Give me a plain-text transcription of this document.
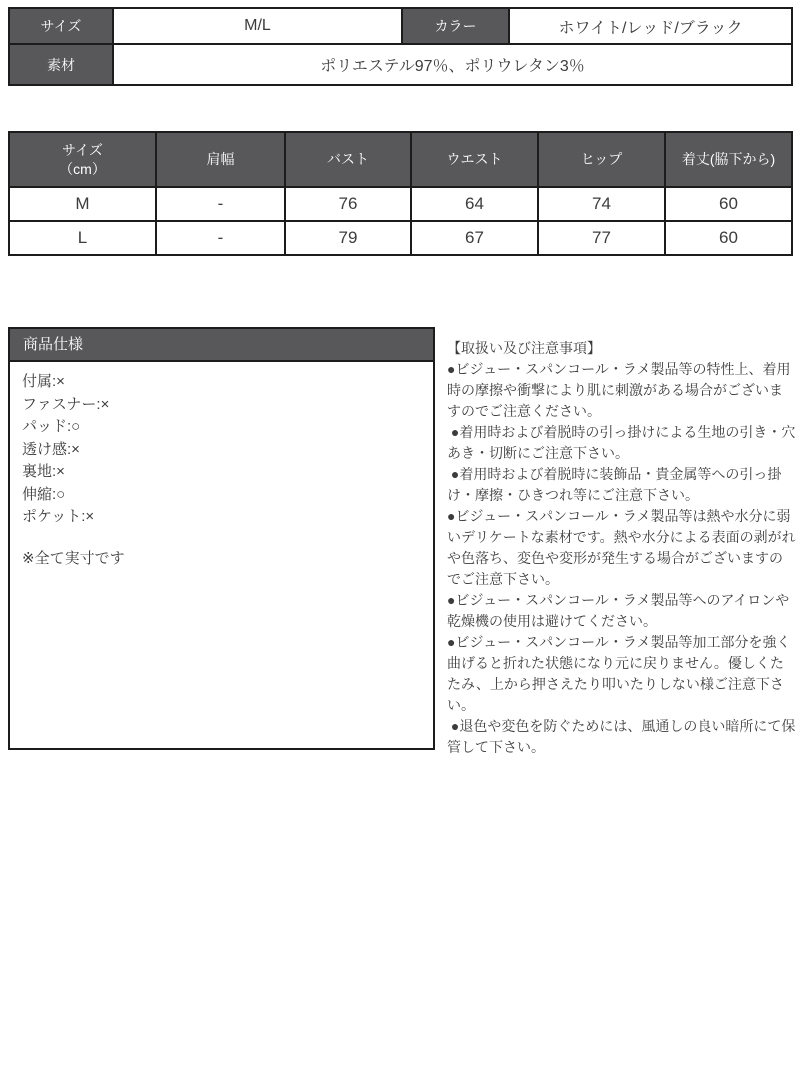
サイズ	M/L	カラー	ホワイト/レッド/ブラック
素材	ポリエステル97％、ポリウレタン3％		
サイズ
（cm）	肩幅	バスト	ウエスト	ヒップ	着丈(脇下から)
M	-	76	64	74	60
L	-	79	67	77	60
商品仕様
付属:×
ファスナー:×
パッド:○
透け感:×
裏地:×
伸縮:○
ポケット:×
※全て実寸です
【取扱い及び注意事項】
●ビジュー・スパンコール・ラメ製品等の特性上、着用時の摩擦や衝撃により肌に刺激がある場合がございますのでご注意ください。
●着用時および着脱時の引っ掛けによる生地の引き・穴あき・切断にご注意下さい。
●着用時および着脱時に装飾品・貴金属等への引っ掛け・摩擦・ひきつれ等にご注意下さい。
●ビジュー・スパンコール・ラメ製品等は熱や水分に弱いデリケートな素材です。熱や水分による表面の剥がれや色落ち、変色や変形が発生する場合がございますのでご注意下さい。
●ビジュー・スパンコール・ラメ製品等へのアイロンや乾燥機の使用は避けてください。
●ビジュー・スパンコール・ラメ製品等加工部分を強く曲げると折れた状態になり元に戻りません。優しくたたみ、上から押さえたり叩いたりしない様ご注意下さい。
●退色や変色を防ぐためには、風通しの良い暗所にて保管して下さい。
